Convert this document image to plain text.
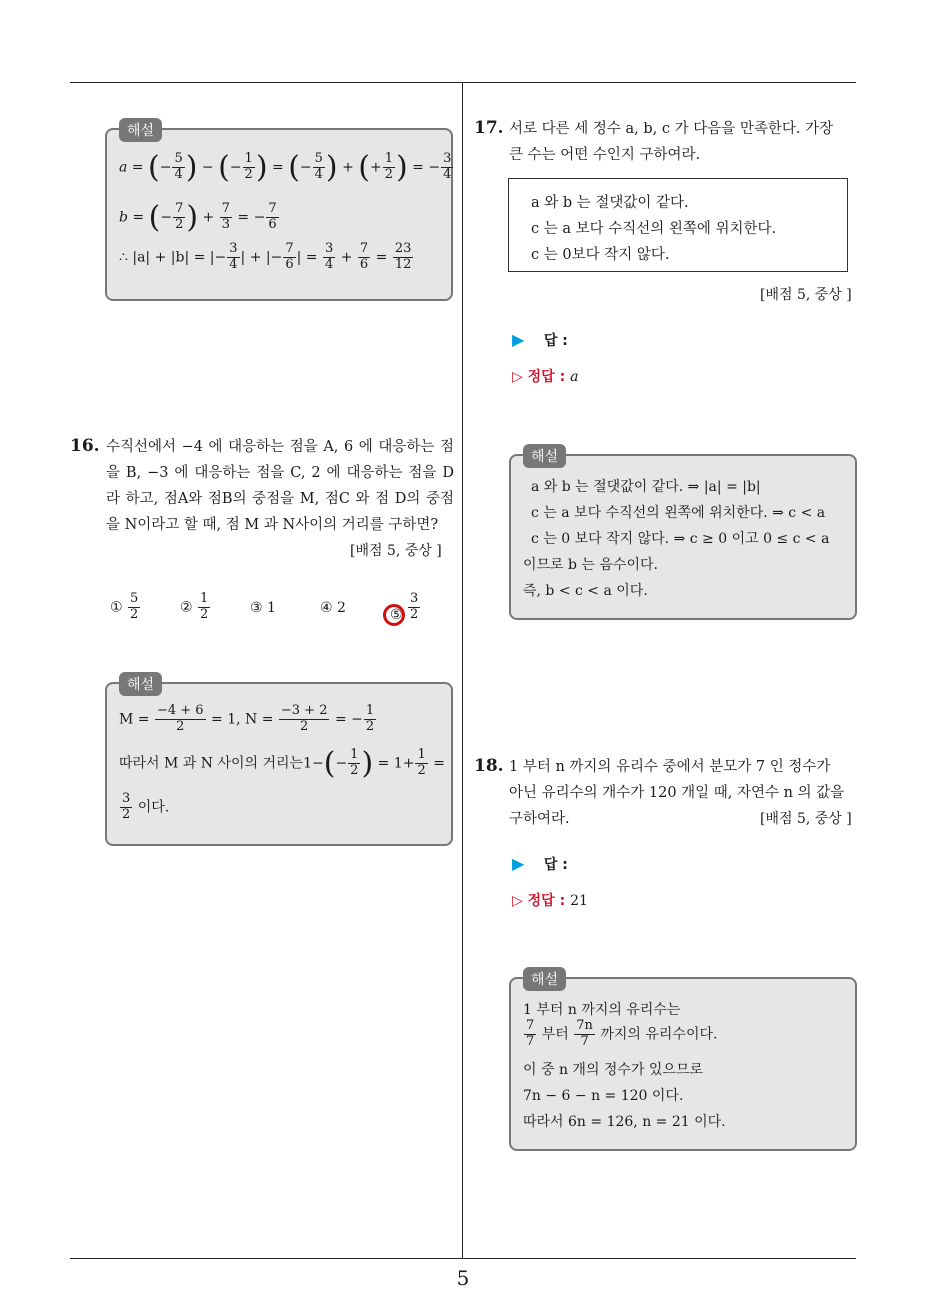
5
해설
a = (− $\frac{5}{4}$ ) − (− $\frac{1}{2}$ ) = (− $\frac{5}{4}$ ) + (+ $\frac{1}{2}$ ) = − $\frac{3}{4}$
b = (− $\frac{7}{2}$ ) + $\frac{7}{3}$ = − $\frac{7}{6}$
∴ |a| + |b| = |− $\frac{3}{4}$ | + |− $\frac{7}{6}$ | = $\frac{3}{4} + \frac{7}{6} = \frac{23}{12}$
16. 수직선에서 −4 에 대응하는 점을 A, 6 에 대응하는 점을 B, −3 에 대응하는 점을 C, 2 에 대응하는 점을 D 라 하고, 점A와 점B의 중점을 M, 점C 와 점 D의 중점을 N이라고 할 때, 점 M 과 N사이의 거리를 구하면?
[배점 5, 중상 ]
① $\frac{5}{2}$	② $\frac{1}{2}$	③ 1	④ 2	⑤ $\frac{3}{2}$
해설
$M = \frac{-4 + 6}{2} = 1$, $N = \frac{-3 + 2}{2}$ = − $\frac{1}{2}$
따라서 M 과 N 사이의 거리는$1-(- \frac{1}{2}$ ) = $1+ \frac{1}{2}$ =
$\frac{3}{2}$ 이다.
17. 서로 다른 세 정수 a, b, c 가 다음을 만족한다. 가장
큰 수는 어떤 수인지 구하여라.
a 와 b 는 절댓값이 같다.
c 는 a 보다 수직선의 왼쪽에 위치한다.
c 는 0보다 작지 않다.
[배점 5, 중상 ]
▶ 답 :
▷ 정답 : a
해설
a 와 b 는 절댓값이 같다. ⇒ |a| = |b|
c 는 a 보다 수직선의 왼쪽에 위치한다. ⇒ c < a
c 는 0 보다 작지 않다. ⇒ c ≥ 0 이고 0 ≤ c < a
이므로 b 는 음수이다.
즉, b < c < a 이다.
18. 1 부터 n 까지의 유리수 중에서 분모가 7 인 정수가
아닌 유리수의 개수가 120 개일 때, 자연수 n 의 값을
구하여라.	[배점 5, 중상 ]
▶ 답 :
▷ 정답 : 21
해설
1 부터 n 까지의 유리수는
$\frac{7}{7}$ 부터 $\frac{7n}{7}$ 까지의 유리수이다.
이 중 n 개의 정수가 있으므로
7n − 6 − n = 120 이다.
따라서 6n = 126, n = 21 이다.
